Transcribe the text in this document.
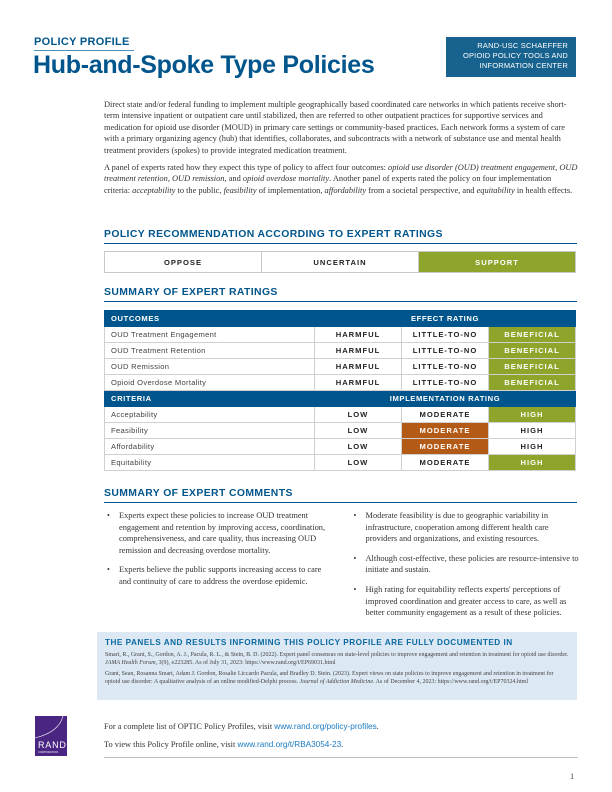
POLICY PROFILE
Hub-and-Spoke Type Policies
RAND-USC SCHAEFFER
OPIOID POLICY TOOLS AND
INFORMATION CENTER

Direct state and/or federal funding to implement multiple geographically based coordinated care networks in which patients receive short-term intensive inpatient or outpatient care until stabilized, then are referred to other outpatient practices for supportive services and medication for opioid use disorder (MOUD) in primary care settings or community-based practices. Each network forms a system of care with a primary organizing agency (hub) that identifies, collaborates, and subcontracts with a network of substance use and mental health treatment providers (spokes) to provide integrated medication treatment.

A panel of experts rated how they expect this type of policy to affect four outcomes: opioid use disorder (OUD) treatment engagement, OUD treatment retention, OUD remission, and opioid overdose mortality. Another panel of experts rated the policy on four implementation criteria: acceptability to the public, feasibility of implementation, affordability from a societal perspective, and equitability in health effects.

POLICY RECOMMENDATION ACCORDING TO EXPERT RATINGS
OPPOSE	UNCERTAIN	SUPPORT
SUMMARY OF EXPERT RATINGS
OUTCOMES	EFFECT RATING		
OUD Treatment Engagement	HARMFUL	LITTLE-TO-NO	BENEFICIAL
OUD Treatment Retention	HARMFUL	LITTLE-TO-NO	BENEFICIAL
OUD Remission	HARMFUL	LITTLE-TO-NO	BENEFICIAL
Opioid Overdose Mortality	HARMFUL	LITTLE-TO-NO	BENEFICIAL
CRITERIA	IMPLEMENTATION RATING		
Acceptability	LOW	MODERATE	HIGH
Feasibility	LOW	MODERATE	HIGH
Affordability	LOW	MODERATE	HIGH
Equitability	LOW	MODERATE	HIGH
SUMMARY OF EXPERT COMMENTS
• Experts expect these policies to increase OUD treatment engagement and retention by improving access, coordination, comprehensiveness, and care quality, thus increasing OUD remission and decreasing overdose mortality.
• Experts believe the public supports increasing access to care and continuity of care to address the overdose epidemic.
• Moderate feasibility is due to geographic variability in infrastructure, cooperation among different health care providers and organizations, and existing resources.
• Although cost-effective, these policies are resource-intensive to initiate and sustain.
• High rating for equitability reflects experts' perceptions of improved coordination and greater access to care, as well as better community engagement as a result of these policies.
THE PANELS AND RESULTS INFORMING THIS POLICY PROFILE ARE FULLY DOCUMENTED IN

Smart, R., Grant, S., Gordon, A. J., Pacula, R. L., & Stein, B. D. (2022). Expert panel consensus on state-level policies to improve engagement and retention in treatment for opioid use disorder. JAMA Health Forum, 3(9), e223285. As of July 31, 2023: https://www.rand.org/t/EP69031.html

Grant, Sean, Rosanna Smart, Adam J. Gordon, Rosalie Liccardo Pacula, and Bradley D. Stein. (2023). Expert views on state policies to improve engagement and retention in treatment for opioid use disorder: A qualitative analysis of an online modified-Delphi process. Journal of Addiction Medicine. As of December 4, 2023: https://www.rand.org/t/EP70324.html

RAND
CORPORATION
For a complete list of OPTIC Policy Profiles, visit www.rand.org/policy-profiles.
To view this Policy Profile online, visit www.rand.org/t/RBA3054-23.
1
